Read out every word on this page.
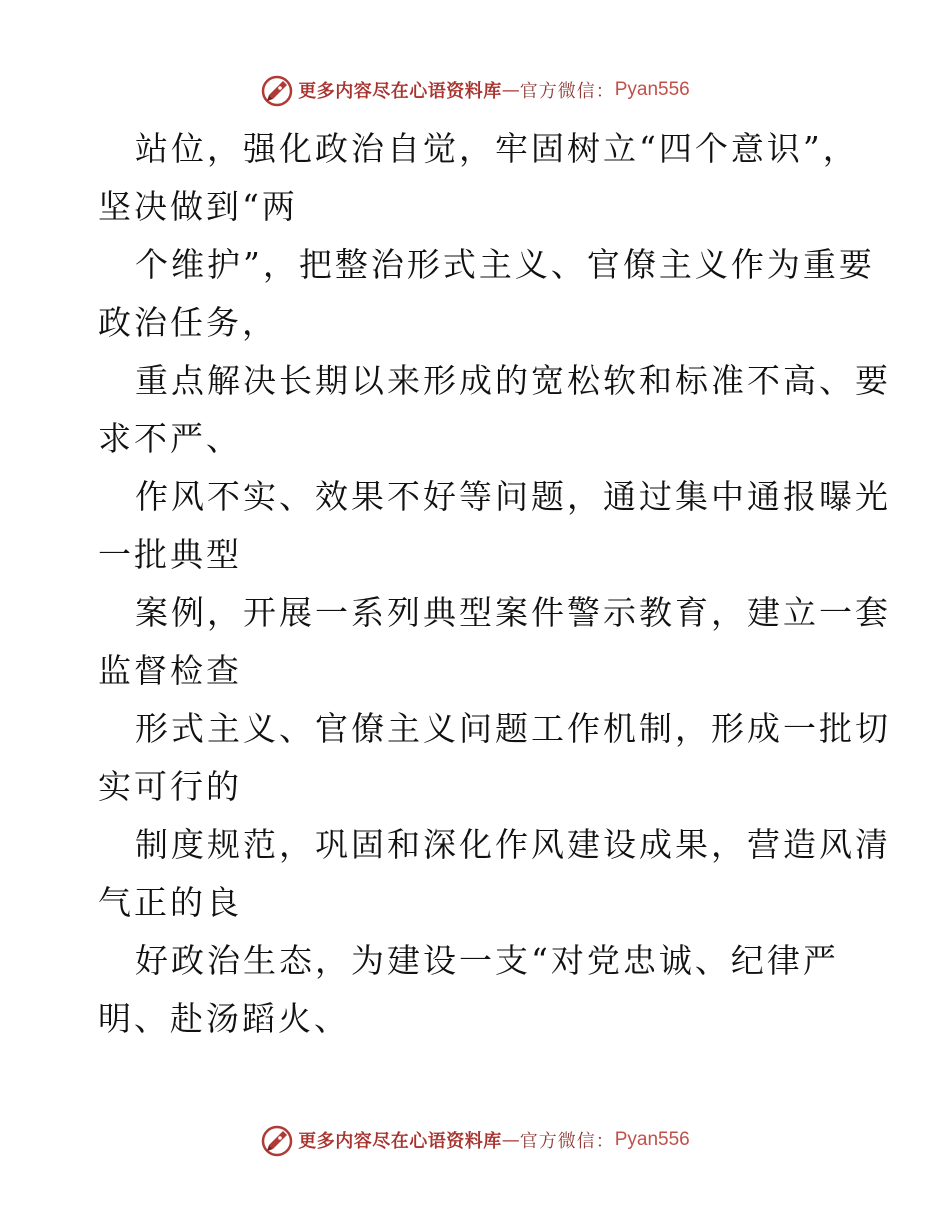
更多内容尽在心语资料库 — 官方微信： Pyan556

站位，强化政治自觉，牢固树立“四个意识”，
坚决做到“两

个维护”，把整治形式主义、官僚主义作为重要
政治任务，

重点解决长期以来形成的宽松软和标准不高、要
求不严、

作风不实、效果不好等问题，通过集中通报曝光
一批典型

案例，开展一系列典型案件警示教育，建立一套
监督检查

形式主义、官僚主义问题工作机制，形成一批切
实可行的

制度规范，巩固和深化作风建设成果，营造风清
气正的良

好政治生态，为建设一支“对党忠诚、纪律严
明、赴汤蹈火、

更多内容尽在心语资料库 — 官方微信： Pyan556
